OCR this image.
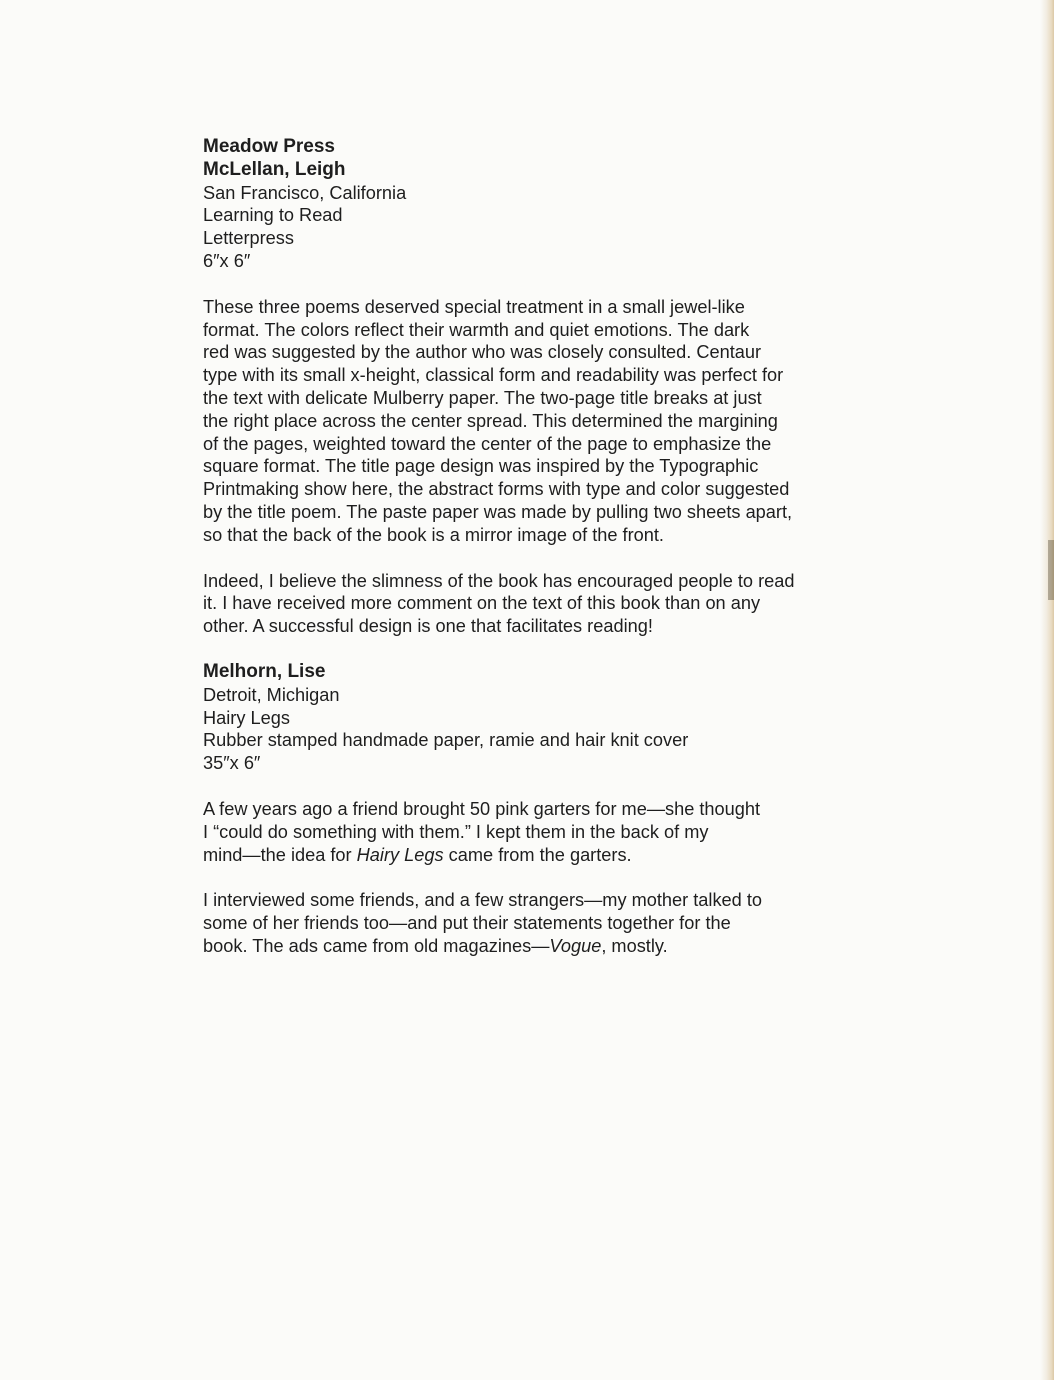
Meadow Press
McLellan, Leigh
San Francisco, California
Learning to Read
Letterpress
6″x 6″
These three poems deserved special treatment in a small jewel-like
format. The colors reflect their warmth and quiet emotions. The dark
red was suggested by the author who was closely consulted. Centaur
type with its small x-height, classical form and readability was perfect for
the text with delicate Mulberry paper. The two-page title breaks at just
the right place across the center spread. This determined the margining
of the pages, weighted toward the center of the page to emphasize the
square format. The title page design was inspired by the Typographic
Printmaking show here, the abstract forms with type and color suggested
by the title poem. The paste paper was made by pulling two sheets apart,
so that the back of the book is a mirror image of the front.
Indeed, I believe the slimness of the book has encouraged people to read
it. I have received more comment on the text of this book than on any
other. A successful design is one that facilitates reading!
Melhorn, Lise
Detroit, Michigan
Hairy Legs
Rubber stamped handmade paper, ramie and hair knit cover
35″x 6″
A few years ago a friend brought 50 pink garters for me—she thought
I “could do something with them.” I kept them in the back of my
mind—the idea for Hairy Legs came from the garters.
I interviewed some friends, and a few strangers—my mother talked to
some of her friends too—and put their statements together for the
book. The ads came from old magazines—Vogue, mostly.
